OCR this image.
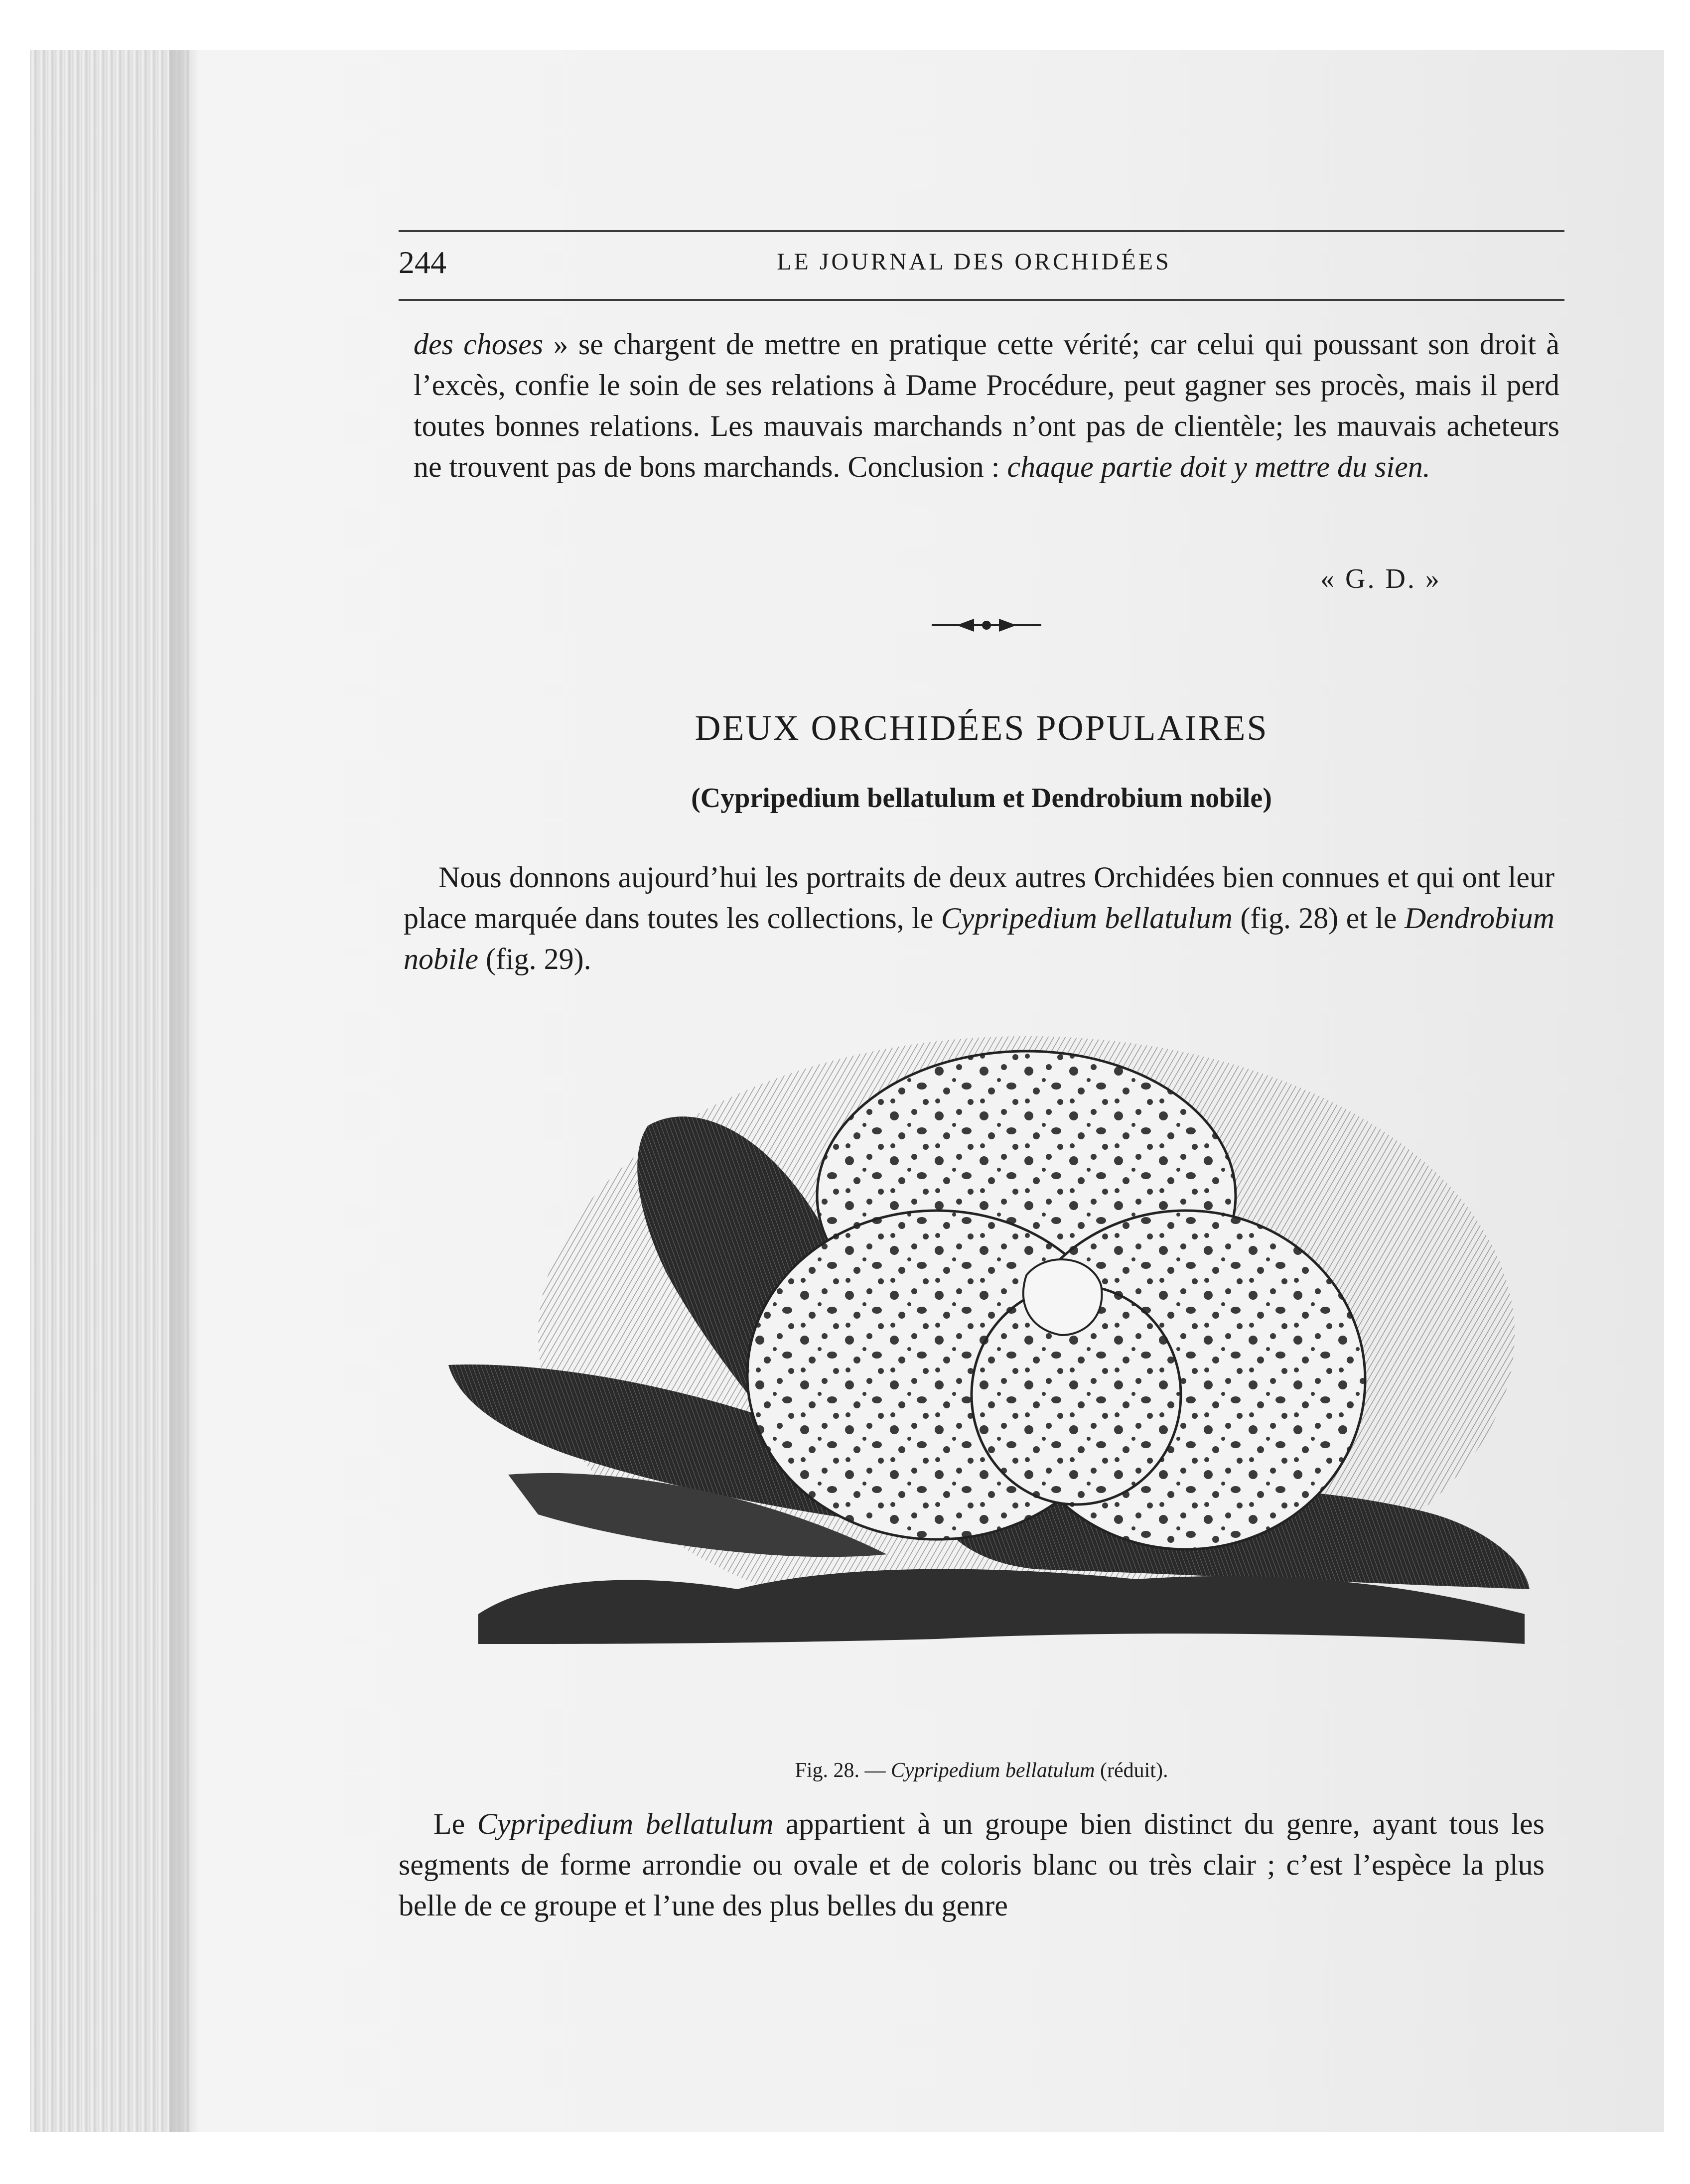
244	LE JOURNAL DES ORCHIDÉES

des choses » se chargent de mettre en pratique cette vérité; car celui qui poussant son droit à l’excès, confie le soin de ses relations à Dame Procédure, peut gagner ses procès, mais il perd toutes bonnes relations. Les mauvais marchands n’ont pas de clientèle; les mauvais acheteurs ne trouvent pas de bons marchands. Conclusion : chaque partie doit y mettre du sien.

« G. D. »
DEUX ORCHIDÉES POPULAIRES
(Cypripedium bellatulum et Dendrobium nobile)

Nous donnons aujourd’hui les portraits de deux autres Orchidées bien connues et qui ont leur place marquée dans toutes les collections, le Cypripedium bellatulum (fig. 28) et le Dendrobium nobile (fig. 29).

Fig. 28. — Cypripedium bellatulum (réduit).

Le Cypripedium bellatulum appartient à un groupe bien distinct du genre, ayant tous les segments de forme arrondie ou ovale et de coloris blanc ou très clair ; c’est l’espèce la plus belle de ce groupe et l’une des plus belles du genre
